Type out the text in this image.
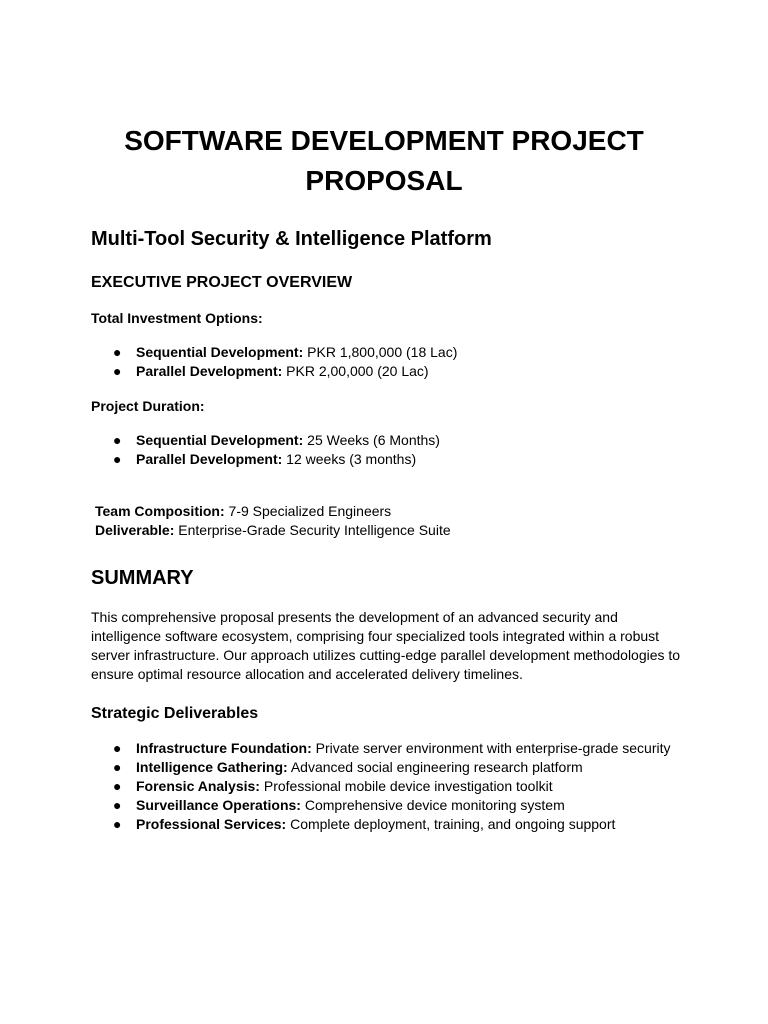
SOFTWARE DEVELOPMENT PROJECT PROPOSAL
Multi-Tool Security & Intelligence Platform
EXECUTIVE PROJECT OVERVIEW

Total Investment Options:

● Sequential Development: PKR 1,800,000 (18 Lac)
● Parallel Development: PKR 2,00,000 (20 Lac)

Project Duration:

● Sequential Development: 25 Weeks (6 Months)
● Parallel Development: 12 weeks (3 months)

Team Composition: 7-9 Specialized Engineers

Deliverable: Enterprise-Grade Security Intelligence Suite

SUMMARY

This comprehensive proposal presents the development of an advanced security and intelligence software ecosystem, comprising four specialized tools integrated within a robust server infrastructure. Our approach utilizes cutting-edge parallel development methodologies to ensure optimal resource allocation and accelerated delivery timelines.

Strategic Deliverables
● Infrastructure Foundation: Private server environment with enterprise-grade security
● Intelligence Gathering: Advanced social engineering research platform
● Forensic Analysis: Professional mobile device investigation toolkit
● Surveillance Operations: Comprehensive device monitoring system
● Professional Services: Complete deployment, training, and ongoing support
